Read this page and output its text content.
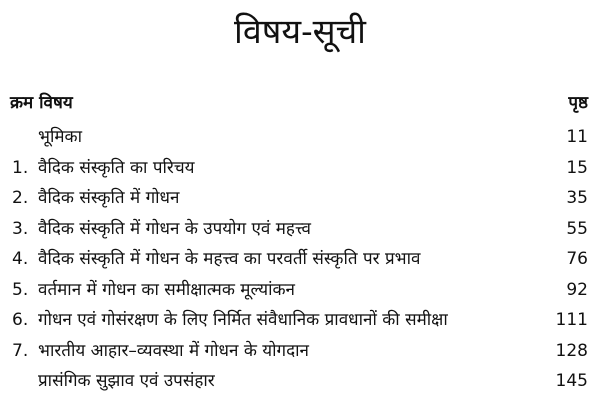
विषय-सूची
क्रम विषय	पृष्ठ
भूमिका	11
1. वैदिक संस्कृति का परिचय	15
2. वैदिक संस्कृति में गोधन	35
3. वैदिक संस्कृति में गोधन के उपयोग एवं महत्त्व	55
4. वैदिक संस्कृति में गोधन के महत्त्व का परवर्ती संस्कृति पर प्रभाव	76
5. वर्तमान में गोधन का समीक्षात्मक मूल्यांकन	92
6. गोधन एवं गोसंरक्षण के लिए निर्मित संवैधानिक प्रावधानों की समीक्षा	111
7. भारतीय आहार–व्यवस्था में गोधन के योगदान	128
प्रासंगिक सुझाव एवं उपसंहार	145
